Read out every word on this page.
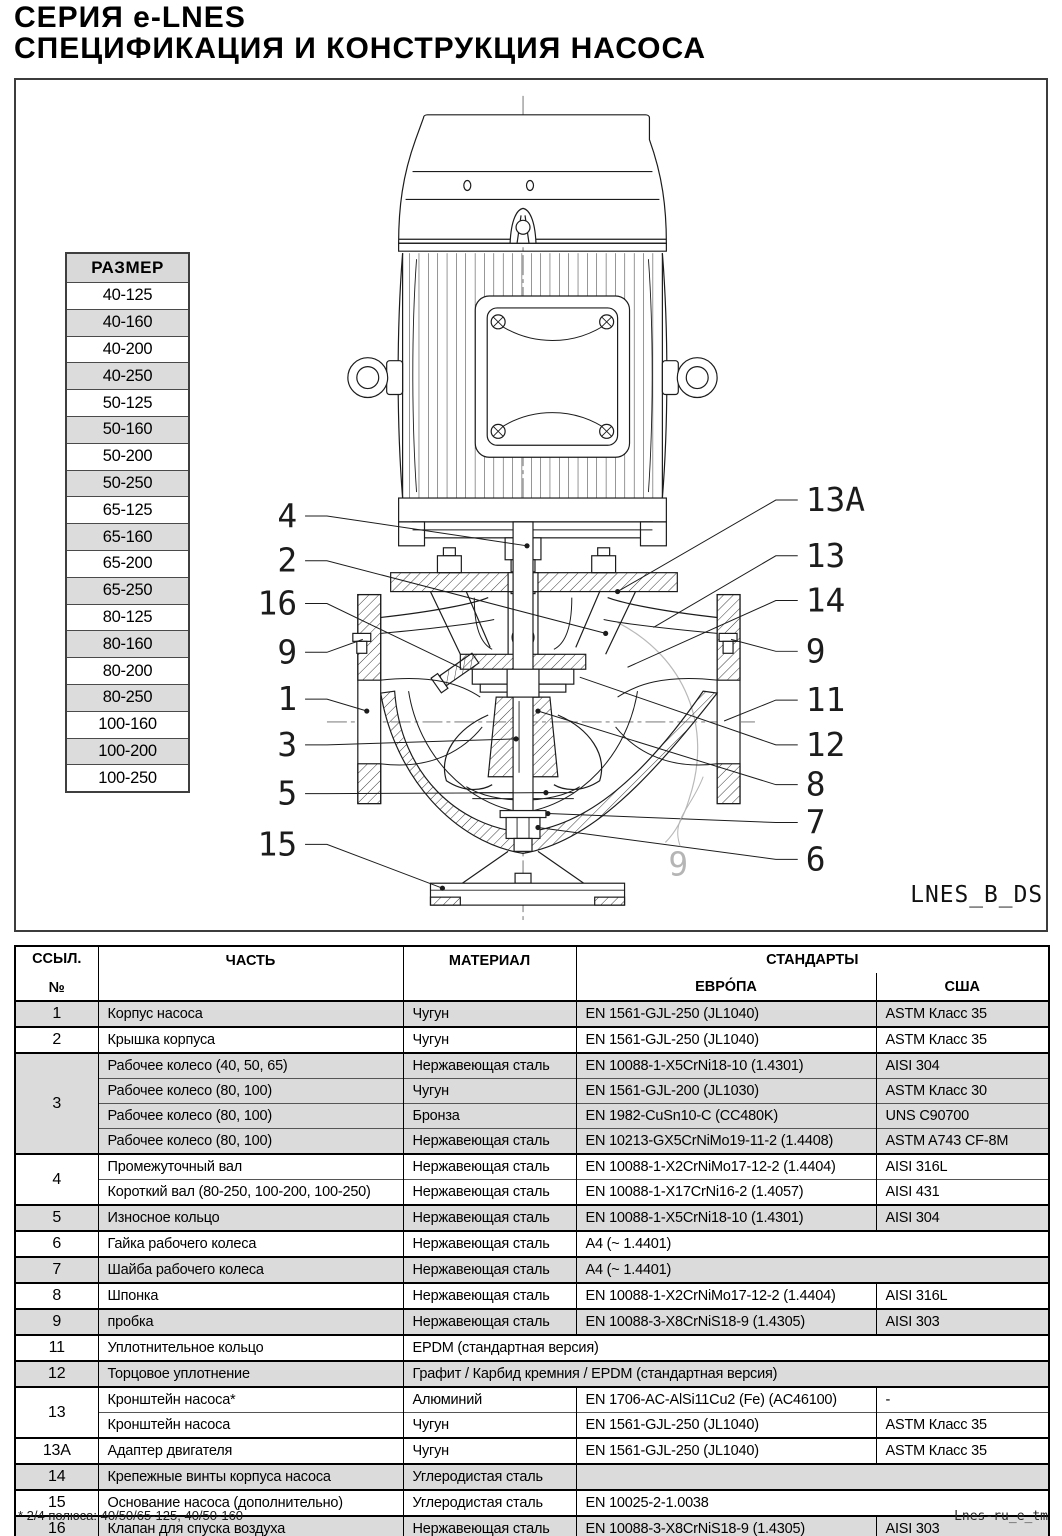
СЕРИЯ e-LNES
СПЕЦИФИКАЦИЯ И КОНСТРУКЦИЯ НАСОСА
4
2
16
9
1
3
5
15
13A
13
14
9
11
12
8
7
6
9
LNES_B_DS
РАЗМЕР
40-125
40-160
40-200
40-250
50-125
50-160
50-200
50-250
65-125
65-160
65-200
65-250
80-125
80-160
80-200
80-250
100-160
100-200
100-250
ССЫЛ.
№

ЧАСТЬ	МАТЕРИАЛ	СТАНДАРТЫ
ЕВРО́ПА	США

1	Корпус насоса	Чугун	EN 1561-GJL-250 (JL1040)	ASTM Класс 35
2	Крышка корпуса	Чугун	EN 1561-GJL-250 (JL1040)	ASTM Класс 35
3	Рабочее колесо (40, 50, 65)	Нержавеющая сталь	EN 10088-1-X5CrNi18-10 (1.4301)	AISI 304
	Рабочее колесо (80, 100)	Чугун	EN 1561-GJL-200 (JL1030)	ASTM Класс 30
	Рабочее колесо (80, 100)	Бронза	EN 1982-CuSn10-C (CC480K)	UNS C90700
	Рабочее колесо (80, 100)	Нержавеющая сталь	EN 10213-GX5CrNiMo19-11-2 (1.4408)	ASTM A743 CF-8M
4	Промежуточный вал	Нержавеющая сталь	EN 10088-1-X2CrNiMo17-12-2 (1.4404)	AISI 316L
	Короткий вал (80-250, 100-200, 100-250)	Нержавеющая сталь	EN 10088-1-X17CrNi16-2 (1.4057)	AISI 431
5	Износное кольцо	Нержавеющая сталь	EN 10088-1-X5CrNi18-10 (1.4301)	AISI 304
6	Гайка рабочего колеса	Нержавеющая сталь	A4 (~ 1.4401)	
7	Шайба рабочего колеса	Нержавеющая сталь	A4 (~ 1.4401)	
8	Шпонка	Нержавеющая сталь	EN 10088-1-X2CrNiMo17-12-2 (1.4404)	AISI 316L
9	пробка	Нержавеющая сталь	EN 10088-3-X8CrNiS18-9 (1.4305)	AISI 303
11	Уплотнительное кольцо	EPDM (стандартная версия)		
12	Торцовое уплотнение	Графит / Карбид кремния / EPDM (стандартная версия)		
13	Кронштейн насоса*	Алюминий	EN 1706-AC-AlSi11Cu2 (Fe) (AC46100)	-
	Кронштейн насоса	Чугун	EN 1561-GJL-250 (JL1040)	ASTM Класс 35
13A	Адаптер двигателя	Чугун	EN 1561-GJL-250 (JL1040)	ASTM Класс 35
14	Крепежные винты корпуса насоса	Углеродистая сталь		
15	Основание насоса (дополнительно)	Углеродистая сталь	EN 10025-2-1.0038	
16	Клапан для спуска воздуха	Нержавеющая сталь	EN 10088-3-X8CrNiS18-9 (1.4305)	AISI 303
* 2/4 полюса: 40/50/65-125, 40/50-160	Lnes-ru_e_tm
